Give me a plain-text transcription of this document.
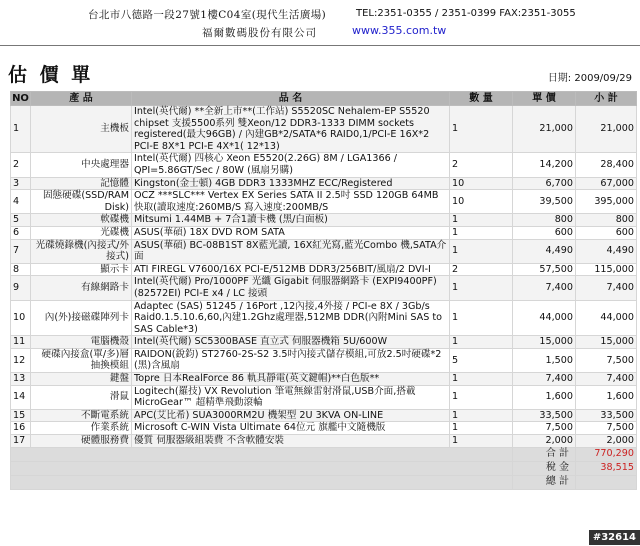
台北市八德路一段27號1樓C04室(現代生活廣場)	TEL:2351-0355 / 2351-0399 FAX:2351-3055
福爾數碼股份有限公司	www.355.com.tw
估 價 單	日期: 2009/09/29
NO	產 品	品 名	數 量	單 價	小 計
1	主機板	Intel(英代爾) **全新上市**(工作站) S5520SC Nehalem-EP S5520 chipset 支援5500系列 雙Xeon/12 DDR3-1333 DIMM sockets registered(最大96GB) / 內建GB*2/SATA*6 RAID0,1/PCI-E 16X*2 PCI-E 8X*1 PCI-E 4X*1( 12*13)	1	21,000	21,000
2	中央處理器	Intel(英代爾) 四核心 Xeon E5520(2.26G) 8M / LGA1366 / QPI=5.86GT/Sec / 80W (風扇另購)	2	14,200	28,400
3	記憶體	Kingston(金士頓) 4GB DDR3 1333MHZ ECC/Registered	10	6,700	67,000
4	固態硬碟(SSD/RAM Disk)	OCZ ***SLC*** Vertex EX Series SATA II 2.5吋 SSD 120GB 64MB快取(讀取速度:260MB/S 寫入速度:200MB/S	10	39,500	395,000
5	軟碟機	Mitsumi 1.44MB + 7合1讀卡機 (黑/白面板)	1	800	800
6	光碟機	ASUS(華碩) 18X DVD ROM SATA	1	600	600
7	光碟燒錄機(內接式/外接式)	ASUS(華碩) BC-08B1ST 8X藍光讀, 16X紅光寫,藍光Combo 機,SATA介面	1	4,490	4,490
8	顯示卡	ATI FIREGL V7600/16X PCI-E/512MB DDR3/256BIT/風扇/2 DVI-I	2	57,500	115,000
9	有線網路卡	Intel(英代爾) Pro/1000PF 光纖 Gigabit 伺服器網路卡 (EXPI9400PF)(82572EI) PCI-E x4 / LC 接頭	1	7,400	7,400
10	內(外)接磁碟陣列卡	Adaptec (SAS) 51245 / 16Port ,12內接,4外接 / PCI-e 8X / 3Gb/s Raid0.1.5.10.6,60,內建1.2Ghz處理器,512MB DDR(內附Mini SAS to SAS Cable*3)	1	44,000	44,000
11	電腦機殼	Intel(英代爾) SC5300BASE 直立式 伺服器機箱 5U/600W	1	15,000	15,000
12	硬碟內接盒(單/多)層抽換模組	RAIDON(銳鈞) ST2760-2S-S2 3.5吋內接式儲存模組,可放2.5吋硬碟*2 (黑)含風扇	5	1,500	7,500
13	鍵盤	Topre 日本RealForce 86 軌具靜電(英文鍵帽)**白色版**	1	7,400	7,400
14	滑鼠	Logitech(羅技) VX Revolution 筆電無線雷射滑鼠,USB介面,搭載MicroGear™ 超精準飛動滾輪	1	1,600	1,600
15	不斷電系統	APC(艾比希) SUA3000RM2U 機架型 2U 3KVA ON-LINE	1	33,500	33,500
16	作業系統	Microsoft C-WIN Vista Ultimate 64位元 旗艦中文隨機版	1	7,500	7,500
17	硬體服務費	優質 伺服器級組裝費 不含軟體安裝	1	2,000	2,000
				合 計	770,290
				稅 金	38,515
				總 計	
#32614
